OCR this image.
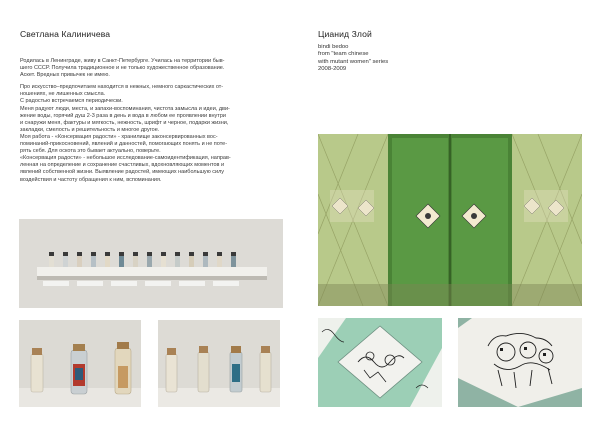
Светлана Калиничева

Родилась в Ленинграде, живу в Санкт-Петербурге. Училась на территории быв-
шего СССР. Получила традиционное и не только художественное образование.
Аскет. Вредных привычек не имею.

Про искусство–предпочитаем находится в нежных, немного саркастических от-
ношениях, не лишенных смысла.
С радостью встречаемся периодически.
Меня радуют люди, места, и запахи-воспоминания, чистота замысла и идеи, дви-
жение воды, горячий душ 2-3 раза в день и вода в любом ее проявлении внутри
и снаружи меня, фактуры и мягкость, нежность, шрифт и черное, подарки жизни,
закладки, смелость и решительность и многое другое.
Моя работа - «Консервация радости» - хранилище законсервированных вос-
поминаний-прикосновений, явлений и данностей, помогающих понять и не поте-
рять себя. Для оскота это бывает актуально, поверьте.
«Консервация радости» - небольшое исследование-самоидентификация, направ-
ленная на определение и сохранение счастливых, вдохновляющих моментов и
явлений собственной жизни. Выявление радостей, имеющих наибольшую силу
воздействия и частоту обращения к ним, вспоминания.

Цианид Злой
bindi bedoo
from "team chinese
with mutant women" series
2008-2009
